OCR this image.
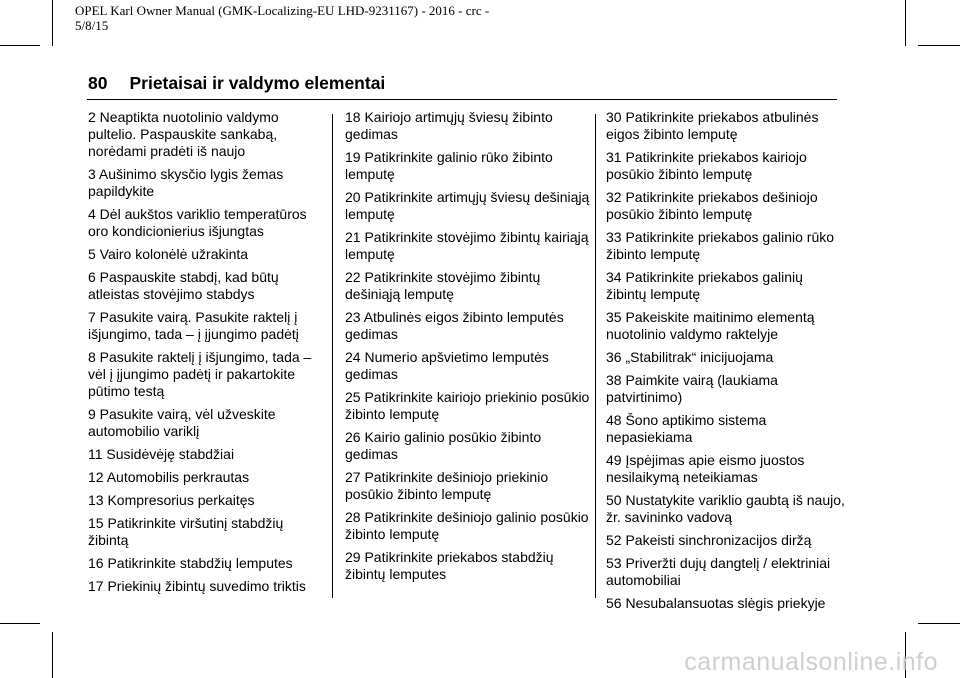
OPEL Karl Owner Manual (GMK-Localizing-EU LHD-9231167) - 2016 - crc -
5/8/15
80 Prietaisai ir valdymo elementai

2 Neaptikta nuotolinio valdymo pultelio. Paspauskite sankabą, norėdami pradėti iš naujo

3 Aušinimo skysčio lygis žemas papildykite

4 Dėl aukštos variklio temperatūros oro kondicionierius išjungtas

5 Vairo kolonėlė užrakinta

6 Paspauskite stabdį, kad būtų atleistas stovėjimo stabdys

7 Pasukite vairą. Pasukite raktelį į išjungimo, tada – į įjungimo padėtį

8 Pasukite raktelį į išjungimo, tada – vėl į įjungimo padėtį ir pakartokite pūtimo testą

9 Pasukite vairą, vėl užveskite automobilio variklį

11 Susidėvėję stabdžiai

12 Automobilis perkrautas

13 Kompresorius perkaitęs

15 Patikrinkite viršutinį stabdžių žibintą

16 Patikrinkite stabdžių lemputes

17 Priekinių žibintų suvedimo triktis

18 Kairiojo artimųjų šviesų žibinto gedimas

19 Patikrinkite galinio rūko žibinto lemputę

20 Patikrinkite artimųjų šviesų dešiniąją lemputę

21 Patikrinkite stovėjimo žibintų kairiąją lemputę

22 Patikrinkite stovėjimo žibintų dešiniąją lemputę

23 Atbulinės eigos žibinto lemputės gedimas

24 Numerio apšvietimo lemputės gedimas

25 Patikrinkite kairiojo priekinio posūkio žibinto lemputę

26 Kairio galinio posūkio žibinto gedimas

27 Patikrinkite dešiniojo priekinio posūkio žibinto lemputę

28 Patikrinkite dešiniojo galinio posūkio žibinto lemputę

29 Patikrinkite priekabos stabdžių žibintų lemputes

30 Patikrinkite priekabos atbulinės eigos žibinto lemputę

31 Patikrinkite priekabos kairiojo posūkio žibinto lemputę

32 Patikrinkite priekabos dešiniojo posūkio žibinto lemputę

33 Patikrinkite priekabos galinio rūko žibinto lemputę

34 Patikrinkite priekabos galinių žibintų lemputę

35 Pakeiskite maitinimo elementą nuotolinio valdymo raktelyje

36 „Stabilitrak“ inicijuojama

38 Paimkite vairą (laukiama patvirtinimo)

48 Šono aptikimo sistema nepasiekiama

49 Įspėjimas apie eismo juostos nesilaikymą neteikiamas

50 Nustatykite variklio gaubtą iš naujo, žr. savininko vadovą

52 Pakeisti sinchronizacijos diržą

53 Priveržti dujų dangtelį / elektriniai automobiliai

56 Nesubalansuotas slėgis priekyje

carmanualsonline.info
